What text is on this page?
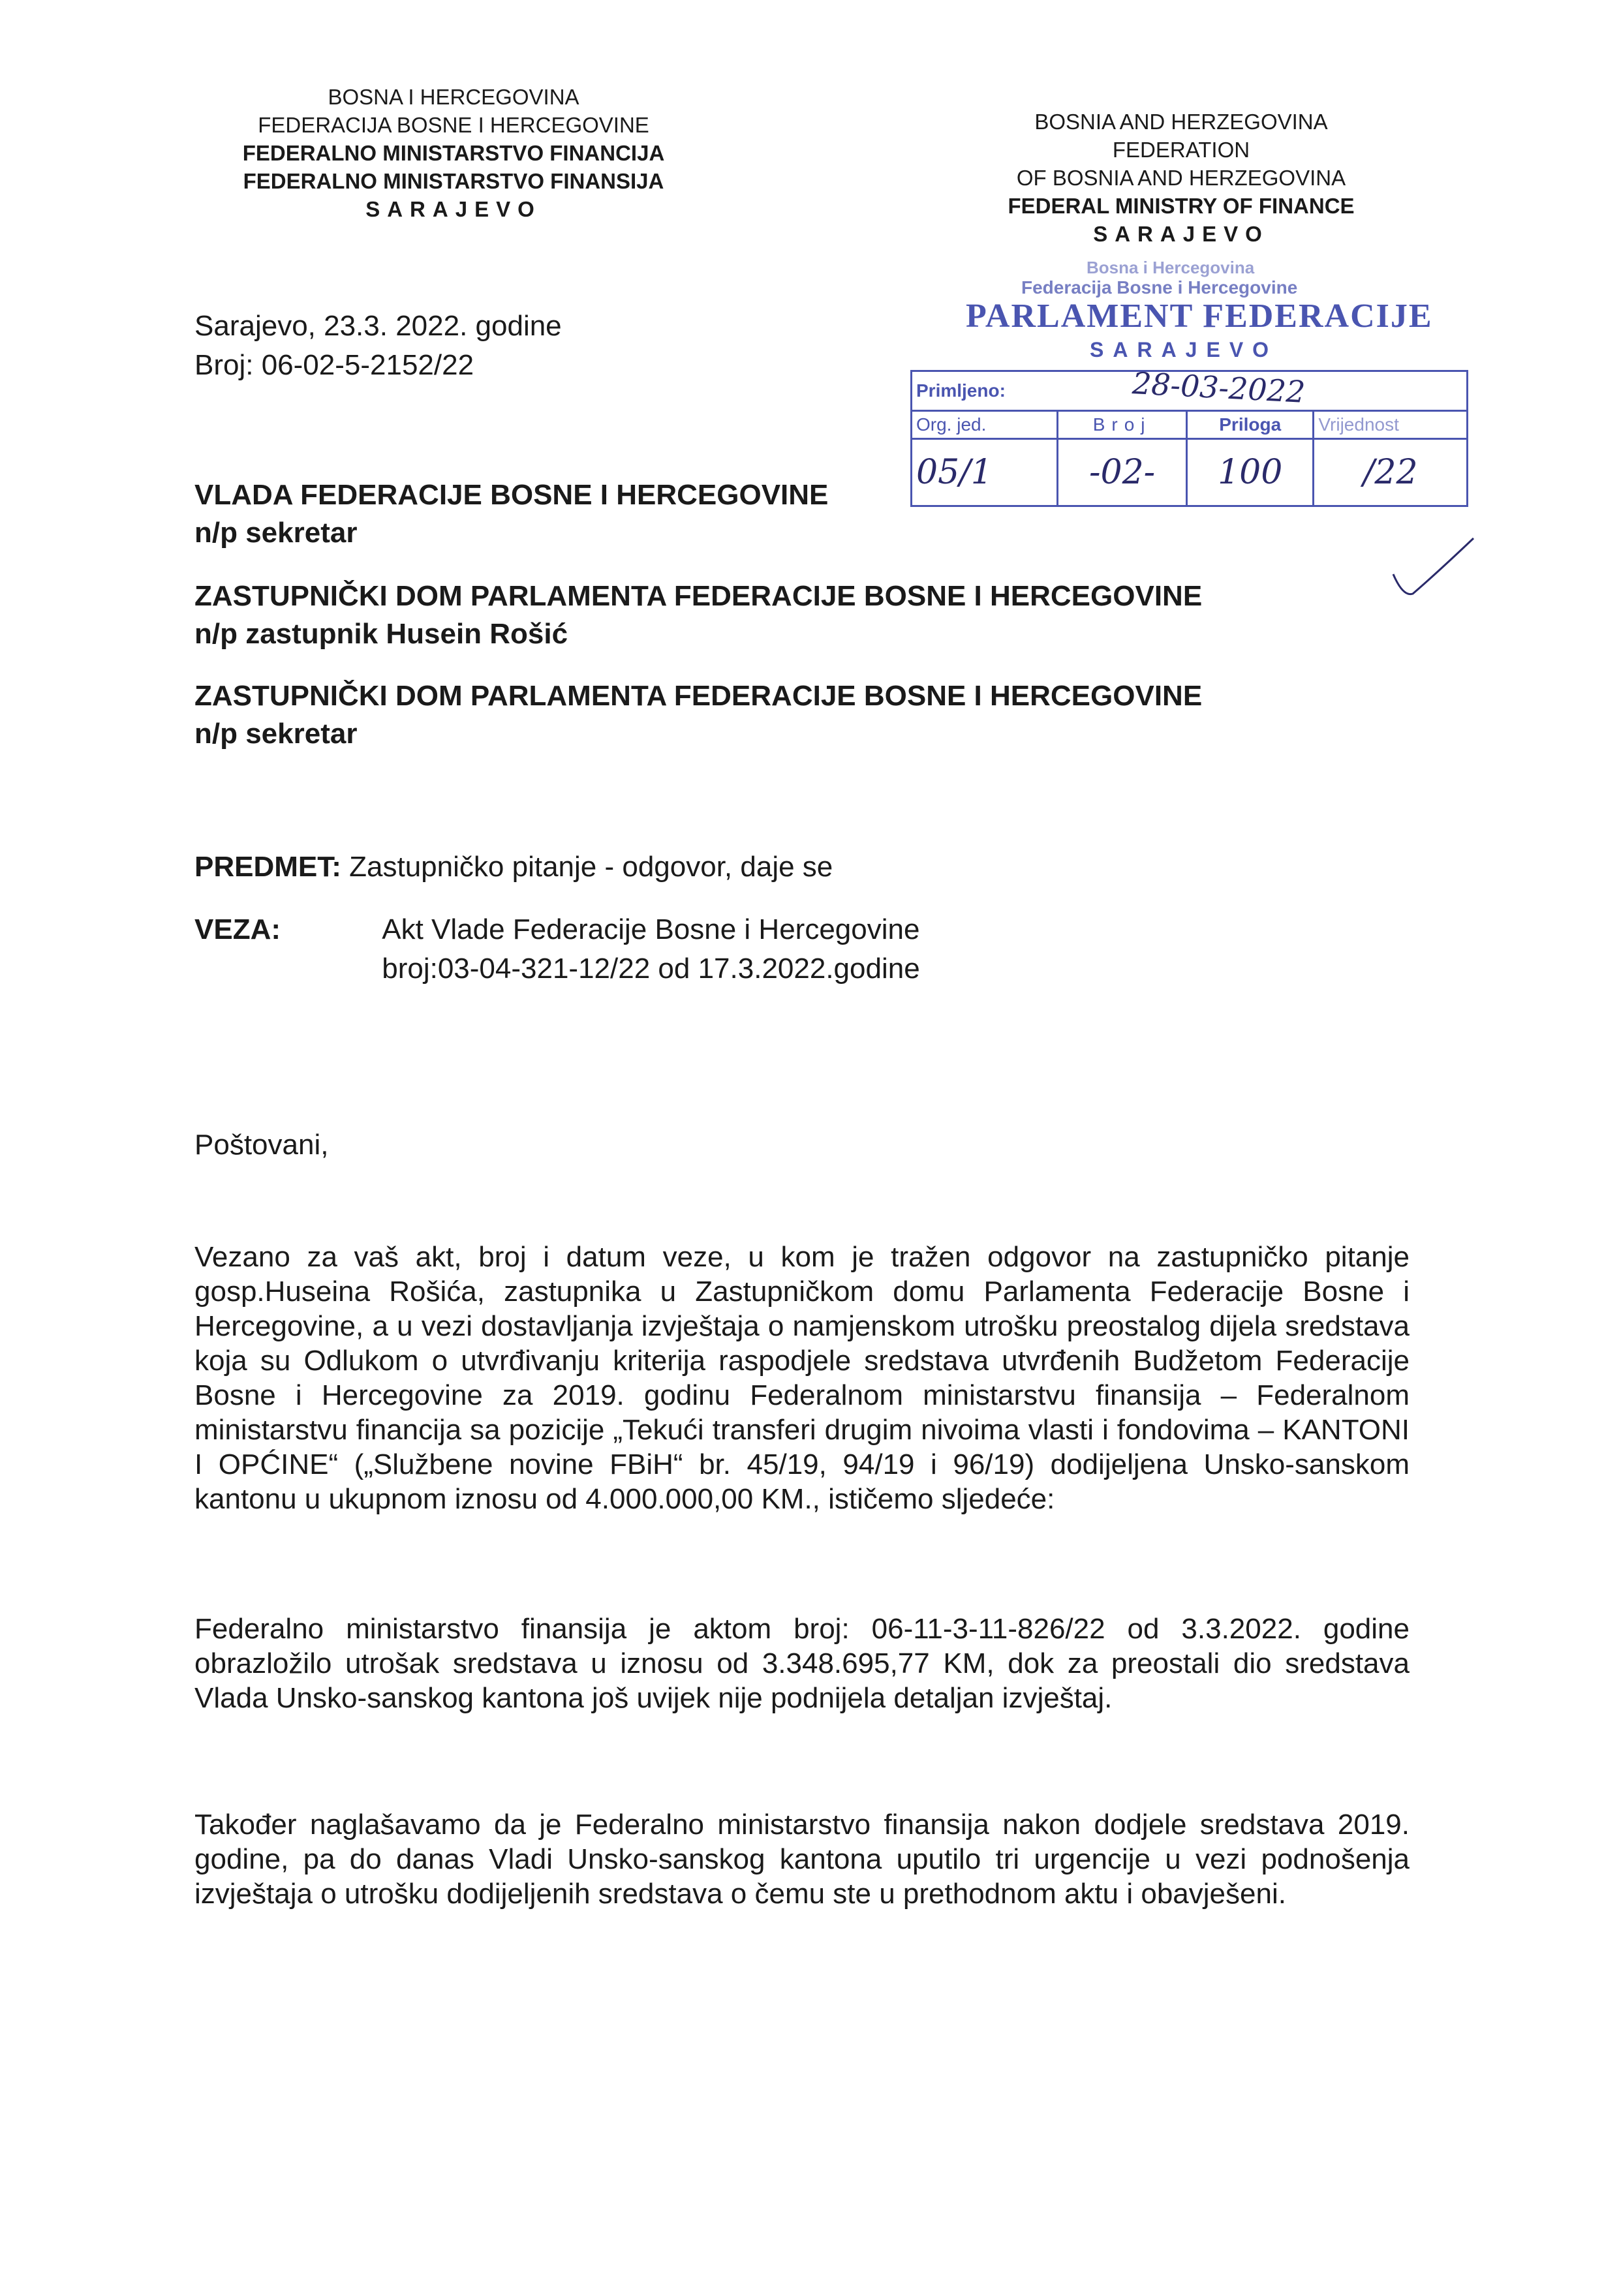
BOSNA I HERCEGOVINA
FEDERACIJA BOSNE I HERCEGOVINE
FEDERALNO MINISTARSTVO FINANCIJA
FEDERALNO MINISTARSTVO FINANSIJA
SARAJEVO
BOSNIA AND HERZEGOVINA
FEDERATION
OF BOSNIA AND HERZEGOVINA
FEDERAL MINISTRY OF FINANCE
SARAJEVO
Sarajevo, 23.3. 2022. godine
Broj: 06-02-5-2152/22
Bosna i Hercegovina
Federacija Bosne i Hercegovine
PARLAMENT FEDERACIJE
SARAJEVO
Primljeno:			
Org. jed.	Broj	Priloga	Vrijednost
05/1	-02-	100	/22
28-03-2022
VLADA FEDERACIJE BOSNE I HERCEGOVINE
n/p sekretar
ZASTUPNIČKI DOM PARLAMENTA FEDERACIJE BOSNE I HERCEGOVINE
n/p zastupnik Husein Rošić
ZASTUPNIČKI DOM PARLAMENTA FEDERACIJE BOSNE I HERCEGOVINE
n/p sekretar
PREDMET: Zastupničko pitanje - odgovor, daje se
VEZA:	Akt Vlade Federacije Bosne i Hercegovine
broj:03-04-321-12/22 od 17.3.2022.godine
Poštovani,
Vezano za vaš akt, broj i datum veze, u kom je tražen odgovor na zastupničko pitanje gosp.Huseina Rošića, zastupnika u Zastupničkom domu Parlamenta Federacije Bosne i Hercegovine, a u vezi dostavljanja izvještaja o namjenskom utrošku preostalog dijela sredstava koja su Odlukom o utvrđivanju kriterija raspodjele sredstava utvrđenih Budžetom Federacije Bosne i Hercegovine za 2019. godinu Federalnom ministarstvu finansija – Federalnom ministarstvu financija sa pozicije „Tekući transferi drugim nivoima vlasti i fondovima – KANTONI I OPĆINE“ („Službene novine FBiH“ br. 45/19, 94/19 i 96/19) dodijeljena Unsko-sanskom kantonu u ukupnom iznosu od 4.000.000,00 KM., ističemo sljedeće:
Federalno ministarstvo finansija je aktom broj: 06-11-3-11-826/22 od 3.3.2022. godine obrazložilo utrošak sredstava u iznosu od 3.348.695,77 KM, dok za preostali dio sredstava Vlada Unsko-sanskog kantona još uvijek nije podnijela detaljan izvještaj.
Također naglašavamo da je Federalno ministarstvo finansija nakon dodjele sredstava 2019. godine, pa do danas Vladi Unsko-sanskog kantona uputilo tri urgencije u vezi podnošenja izvještaja o utrošku dodijeljenih sredstava o čemu ste u prethodnom aktu i obavješeni.
